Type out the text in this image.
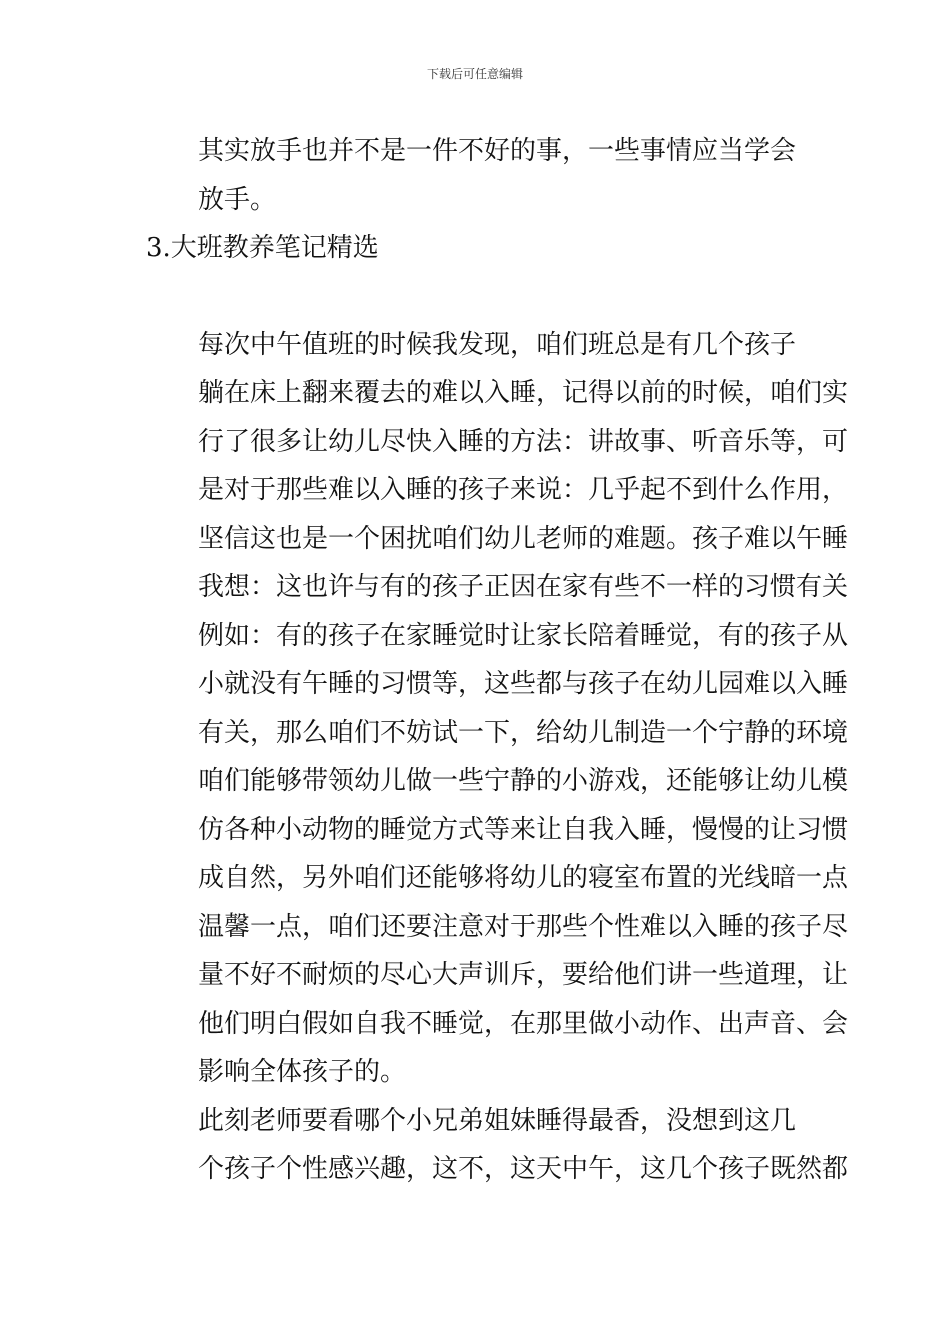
下载后可任意编辑

其实放手也并不是一件不好的事，一些事情应当学会
放手。

3.大班教养笔记精选

每次中午值班的时候我发现，咱们班总是有几个孩子
躺在床上翻来覆去的难以入睡，记得以前的时候，咱们实
行了很多让幼儿尽快入睡的方法：讲故事、听音乐等，可
是对于那些难以入睡的孩子来说：几乎起不到什么作用，
坚信这也是一个困扰咱们幼儿老师的难题。孩子难以午睡
我想：这也许与有的孩子正因在家有些不一样的习惯有关
例如：有的孩子在家睡觉时让家长陪着睡觉，有的孩子从
小就没有午睡的习惯等，这些都与孩子在幼儿园难以入睡
有关，那么咱们不妨试一下，给幼儿制造一个宁静的环境
咱们能够带领幼儿做一些宁静的小游戏，还能够让幼儿模
仿各种小动物的睡觉方式等来让自我入睡，慢慢的让习惯
成自然，另外咱们还能够将幼儿的寝室布置的光线暗一点
温馨一点，咱们还要注意对于那些个性难以入睡的孩子尽
量不好不耐烦的尽心大声训斥，要给他们讲一些道理，让
他们明白假如自我不睡觉，在那里做小动作、出声音、会
影响全体孩子的。

此刻老师要看哪个小兄弟姐妹睡得最香，没想到这几
个孩子个性感兴趣，这不，这天中午，这几个孩子既然都
